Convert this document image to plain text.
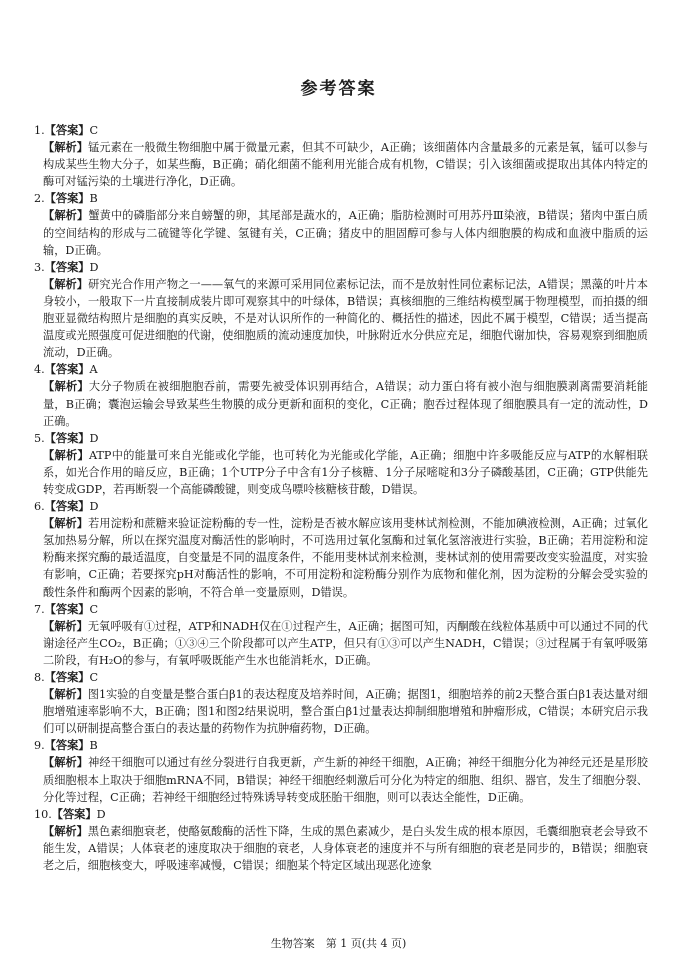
参考答案

1.【答案】C

【解析】锰元素在一般微生物细胞中属于微量元素，但其不可缺少，A正确；该细菌体内含量最多的元素是氧，锰可以参与构成某些生物大分子，如某些酶，B正确；硝化细菌不能利用光能合成有机物，C错误；引入该细菌或提取出其体内特定的酶可对锰污染的土壤进行净化，D正确。

2.【答案】B

【解析】蟹黄中的磷脂部分来自螃蟹的卵，其尾部是蔬水的，A正确；脂肪检测时可用苏丹Ⅲ染液，B错误；猪肉中蛋白质的空间结构的形成与二硫键等化学键、氢键有关，C正确；猪皮中的胆固醇可参与人体内细胞膜的构成和血液中脂质的运输，D正确。

3.【答案】D

【解析】研究光合作用产物之一——氧气的来源可采用同位素标记法，而不是放射性同位素标记法，A错误；黑藻的叶片本身较小，一般取下一片直接制成装片即可观察其中的叶绿体，B错误；真核细胞的三维结构模型属于物理模型，而拍摄的细胞亚显微结构照片是细胞的真实反映，不是对认识所作的一种简化的、概括性的描述，因此不属于模型，C错误；适当提高温度或光照强度可促进细胞的代谢，使细胞质的流动速度加快，叶脉附近水分供应充足，细胞代谢加快，容易观察到细胞质流动，D正确。

4.【答案】A

【解析】大分子物质在被细胞胞吞前，需要先被受体识别再结合，A错误；动力蛋白将有被小泡与细胞膜剥离需要消耗能量，B正确；囊泡运输会导致某些生物膜的成分更新和面积的变化，C正确；胞吞过程体现了细胞膜具有一定的流动性，D正确。

5.【答案】D

【解析】ATP中的能量可来自光能或化学能，也可转化为光能或化学能，A正确；细胞中许多吸能反应与ATP的水解相联系，如光合作用的暗反应，B正确；1个UTP分子中含有1分子核糖、1分子尿嘧啶和3分子磷酸基团，C正确；GTP供能先转变成GDP，若再断裂一个高能磷酸键，则变成鸟嘌呤核糖核苷酸，D错误。

6.【答案】D

【解析】若用淀粉和蔗糖来验证淀粉酶的专一性，淀粉是否被水解应该用斐林试剂检测，不能加碘液检测，A正确；过氧化氢加热易分解，所以在探究温度对酶活性的影响时，不可选用过氧化氢酶和过氧化氢溶液进行实验，B正确；若用淀粉和淀粉酶来探究酶的最适温度，自变量是不同的温度条件，不能用斐林试剂来检测，斐林试剂的使用需要改变实验温度，对实验有影响，C正确；若要探究pH对酶活性的影响，不可用淀粉和淀粉酶分别作为底物和催化剂，因为淀粉的分解会受实验的酸性条件和酶两个因素的影响，不符合单一变量原则，D错误。

7.【答案】C

【解析】无氧呼吸有①过程，ATP和NADH仅在①过程产生，A正确；据图可知，丙酮酸在线粒体基质中可以通过不同的代谢途径产生CO₂，B正确；①③④三个阶段都可以产生ATP，但只有①③可以产生NADH，C错误；③过程属于有氧呼吸第二阶段，有H₂O的参与，有氧呼吸既能产生水也能消耗水，D正确。

8.【答案】C

【解析】图1实验的自变量是整合蛋白β1的表达程度及培养时间，A正确；据图1，细胞培养的前2天整合蛋白β1表达量对细胞增殖速率影响不大，B正确；图1和图2结果说明，整合蛋白β1过量表达抑制细胞增殖和肿瘤形成，C错误；本研究启示我们可以研制提高整合蛋白的表达量的药物作为抗肿瘤药物，D正确。

9.【答案】B

【解析】神经干细胞可以通过有丝分裂进行自我更新，产生新的神经干细胞，A正确；神经干细胞分化为神经元还是星形胶质细胞根本上取决于细胞mRNA不同，B错误；神经干细胞经刺激后可分化为特定的细胞、组织、器官，发生了细胞分裂、分化等过程，C正确；若神经干细胞经过特殊诱导转变成胚胎干细胞，则可以表达全能性，D正确。

10.【答案】D

【解析】黑色素细胞衰老，使酪氨酸酶的活性下降，生成的黑色素减少，是白头发生成的根本原因，毛囊细胞衰老会导致不能生发，A错误；人体衰老的速度取决于细胞的衰老，人身体衰老的速度并不与所有细胞的衰老是同步的，B错误；细胞衰老之后，细胞核变大，呼吸速率减慢，C错误；细胞某个特定区域出现恶化迹象

生物答案　第 1 页(共 4 页)
